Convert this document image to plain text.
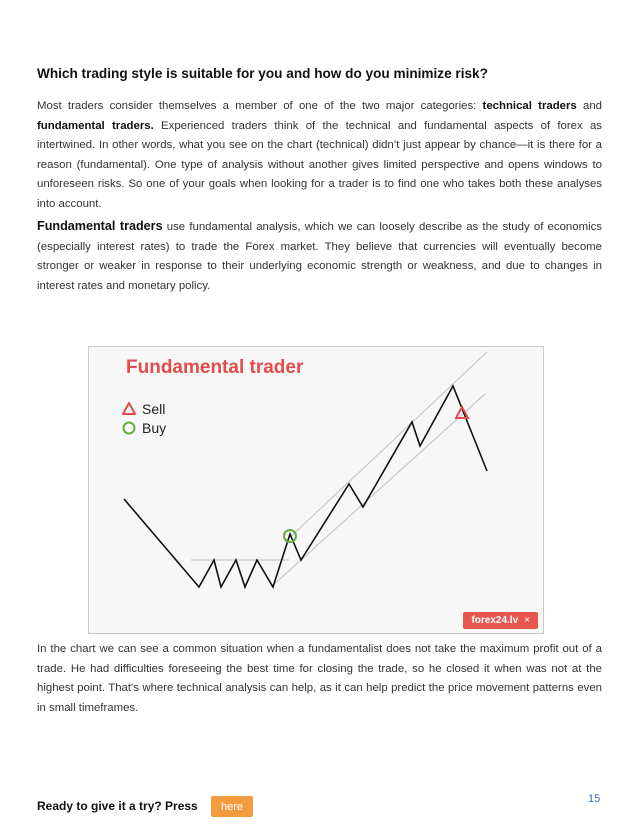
Which trading style is suitable for you and how do you minimize risk?

Most traders consider themselves a member of one of the two major categories: technical traders and fundamental traders. Experienced traders think of the technical and fundamental aspects of forex as intertwined. In other words, what you see on the chart (technical) didn’t just appear by chance—it is there for a reason (fundamental). One type of analysis without another gives limited perspective and opens windows to unforeseen risks. So one of your goals when looking for a trader is to find one who takes both these analyses into account.

Fundamental traders use fundamental analysis, which we can loosely describe as the study of economics (especially interest rates) to trade the Forex market. They believe that currencies will eventually become stronger or weaker in response to their underlying economic strength or weakness, and due to changes in interest rates and monetary policy.

Fundamental trader
Sell
Buy
forex24.lv ×

In the chart we can see a common situation when a fundamentalist does not take the maximum profit out of a trade. He had difficulties foreseeing the best time for closing the trade, so he closed it when was not at the highest point. That's where technical analysis can help, as it can help predict the price movement patterns even in small timeframes.

Ready to give it a try? Press	here
15
